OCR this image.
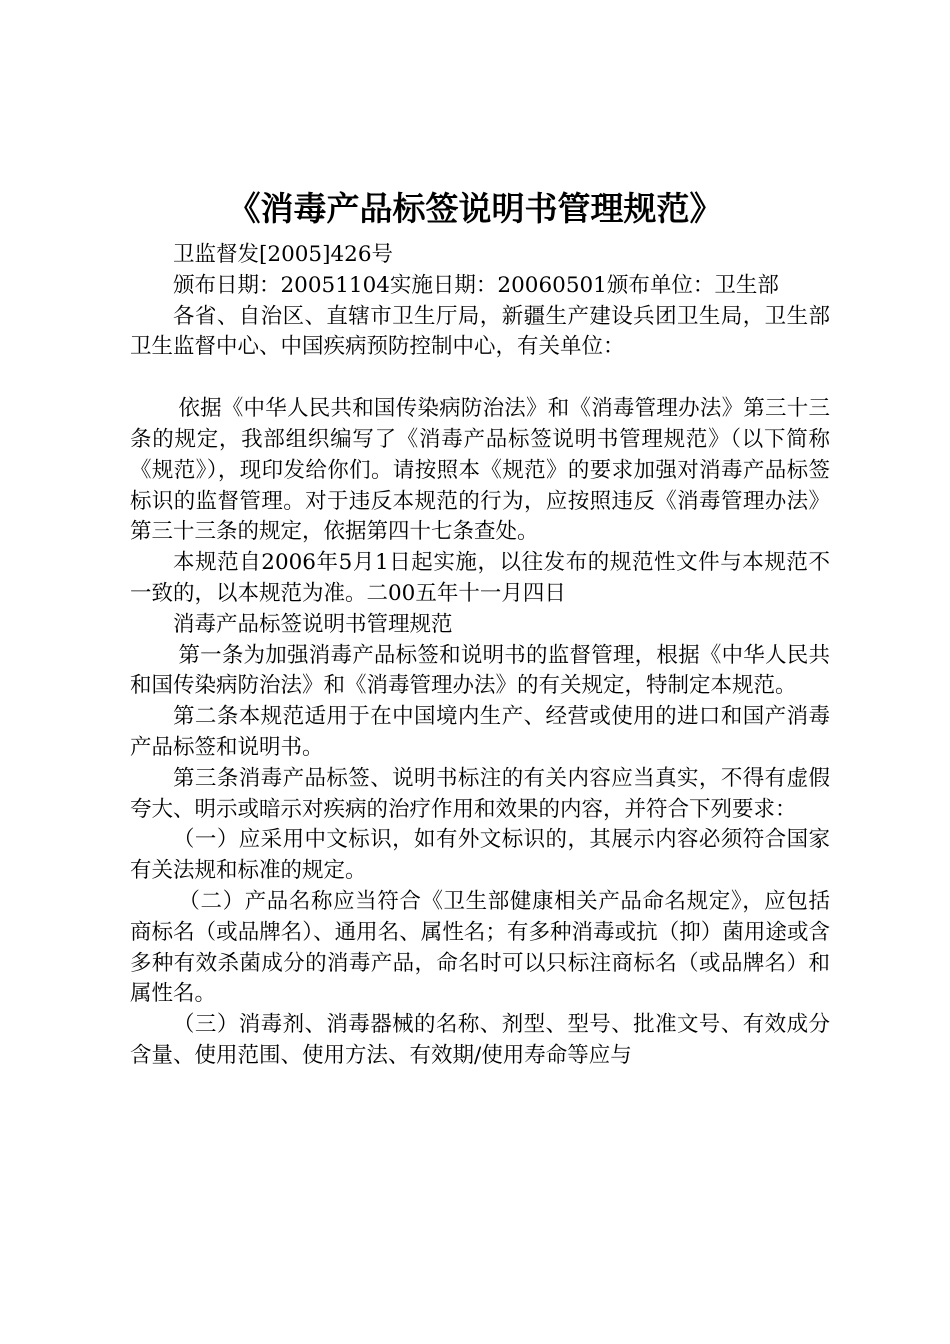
《消毒产品标签说明书管理规范》

卫监督发[2005]426号

颁布日期：20051104实施日期：20060501颁布单位：卫生部

各省、自治区、直辖市卫生厅局，新疆生产建设兵团卫生局，卫生部卫生监督中心、中国疾病预防控制中心，有关单位：

依据《中华人民共和国传染病防治法》和《消毒管理办法》第三十三条的规定，我部组织编写了《消毒产品标签说明书管理规范》（以下简称《规范》），现印发给你们。请按照本《规范》的要求加强对消毒产品标签标识的监督管理。对于违反本规范的行为，应按照违反《消毒管理办法》第三十三条的规定，依据第四十七条查处。

本规范自2006年5月1日起实施，以往发布的规范性文件与本规范不一致的，以本规范为准。二00五年十一月四日

消毒产品标签说明书管理规范

第一条为加强消毒产品标签和说明书的监督管理，根据《中华人民共和国传染病防治法》和《消毒管理办法》的有关规定，特制定本规范。

第二条本规范适用于在中国境内生产、经营或使用的进口和国产消毒产品标签和说明书。

第三条消毒产品标签、说明书标注的有关内容应当真实，不得有虚假夸大、明示或暗示对疾病的治疗作用和效果的内容，并符合下列要求：

（一）应采用中文标识，如有外文标识的，其展示内容必须符合国家有关法规和标准的规定。

（二）产品名称应当符合《卫生部健康相关产品命名规定》，应包括商标名（或品牌名）、通用名、属性名；有多种消毒或抗（抑）菌用途或含多种有效杀菌成分的消毒产品，命名时可以只标注商标名（或品牌名）和属性名。

（三）消毒剂、消毒器械的名称、剂型、型号、批准文号、有效成分含量、使用范围、使用方法、有效期/使用寿命等应与
